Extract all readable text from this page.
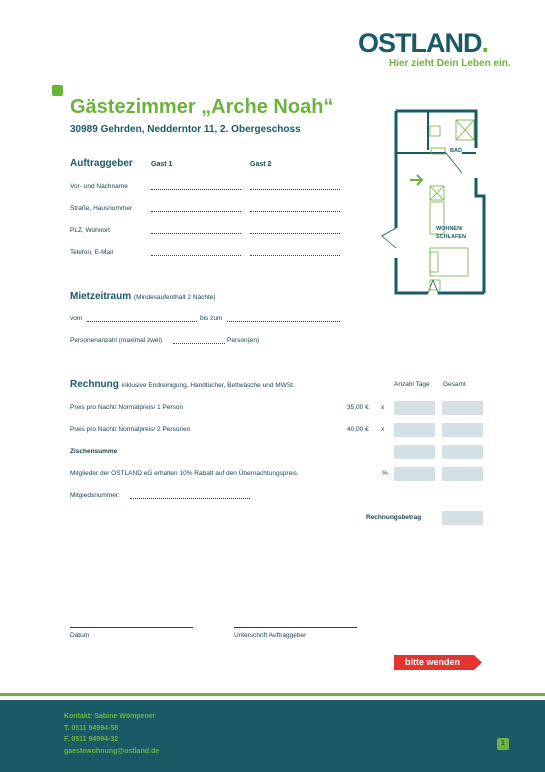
OSTLAND.
Hier zieht Dein Leben ein.
Gästezimmer „Arche Noah“
30989 Gehrden, Neddernt​or 11, 2. Obergeschoss
Auftraggeber	Gast 1	Gast 2
Vor- und Nachname
Straße, Hausnummer
PLZ, Wohnort
Telefon, E-Mail
BAD
WOHNEN/
SCHLAFEN
Mietzeitraum (Mindesaufenthalt 2 Nächte)
vom	bis zum
Personenanzahl (maximal zwei)	Person(en)
Rechnung inklusive Endreinigung, Handtücher, Bettwäsche und MWSt.	Anzahl Tage Gesamt
Preis pro Nacht/ Normalpreis/ 1 Person	35,00 € x
Preis pro Nacht/ Normalpreis/ 2 Personen	40,00 € x
Zischensumme
Mitglieder der OSTLAND eG erhalten 10% Rabatt auf den Übernachtungspreis.	%
Mitgiedsnummer:
Rechnungsbetrag
Datum	Unterschrift Auftraggeber
bitte wenden
Kontakt: Sabine Wömpener
T. 0511 94994-58
F. 0511 94994-32
gaestewohnung@ostland.de
1
